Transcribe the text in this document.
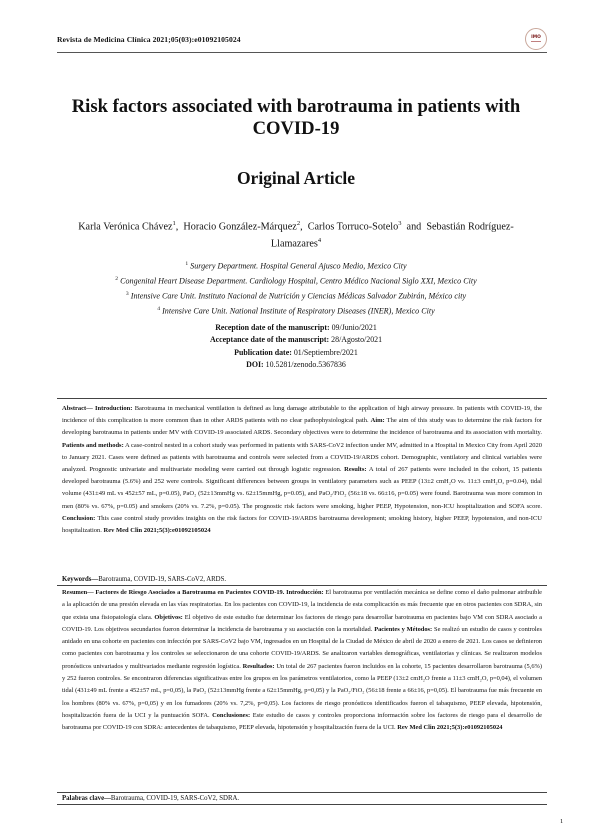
Revista de Medicina Clínica 2021;05(03):e01092105024	IMO
Risk factors associated with barotrauma in patients with COVID-19
Original Article
Karla Verónica Chávez$^1$,  Horacio González-Márquez$^2$,  Carlos Torruco-Sotelo$^3$ and Sebastián Rodríguez-Llamazares$^4$
$^1$ Surgery Department. Hospital General Ajusco Medio, Mexico City
$^2$ Congenital Heart Disease Department. Cardiology Hospital, Centro Médico Nacional Siglo XXI, Mexico City
$^3$ Intensive Care Unit. Instituto Nacional de Nutrición y Ciencias Médicas Salvador Zubirán, México city
$^4$ Intensive Care Unit. National Institute of Respiratory Diseases (INER), Mexico City
Reception date of the manuscript: 09/Junio/2021
Acceptance date of the manuscript: 28/Agosto/2021
Publication date: 01/Septiembre/2021
DOI: 10.5281/zenodo.5367836

Abstract— Introduction: Barotrauma in mechanical ventilation is defined as lung damage attributable to the application of high airway pressure. In patients with COVID-19, the incidence of this complication is more common than in other ARDS patients with no clear pathophysiological path. Aim: The aim of this study was to determine the risk factors for developing barotrauma in patients under MV with COVID-19 associated ARDS. Secondary objectives were to determine the incidence of barotrauma and its association with mortality. Patients and methods: A case-control nested in a cohort study was performed in patients with SARS-CoV2 infection under MV, admitted in a Hospital in Mexico City from April 2020 to January 2021. Cases were defined as patients with barotrauma and controls were selected from a COVID-19/ARDS cohort. Demographic, ventilatory and clinical variables were analyzed. Prognostic univariate and multivariate modeling were carried out through logistic regression. Results: A total of 267 patients were included in the cohort, 15 patients developed barotrauma (5.6%) and 252 were controls. Significant differences between groups in ventilatory parameters such as PEEP (13±2 cmH₂O vs. 11±3 cmH₂O, p=0.04), tidal volume (431±49 mL vs 452±57 mL, p=0.05), PaO₂ (52±13mmHg vs. 62±15mmHg, p=0.05), and PaO₂/FiO₂ (56±18 vs. 66±16, p=0.05) were found. Barotrauma was more common in men (80% vs. 67%, p=0.05) and smokers (20% vs. 7.2%, p=0.05). The prognostic risk factors were smoking, higher PEEP, Hypotension, non-ICU hospitalization and SOFA score. Conclusion: This case control study provides insights on the risk factors for COVID-19/ARDS barotrauma development; smoking history, higher PEEP, hypotension, and non-ICU hospitalization. Rev Med Clin 2021;5(3):e01092105024

Keywords—Barotrauma, COVID-19, SARS-CoV2, ARDS.

Resumen— Factores de Riesgo Asociados a Barotrauma en Pacientes COVID-19. Introducción: El barotrauma por ventilación mecánica se define como el daño pulmonar atribuible a la aplicación de una presión elevada en las vías respiratorias. En los pacientes con COVID-19, la incidencia de esta complicación es más frecuente que en otros pacientes con SDRA, sin que exista una fisiopatología clara. Objetivos: El objetivo de este estudio fue determinar los factores de riesgo para desarrollar barotrauma en pacientes bajo VM con SDRA asociado a COVID-19. Los objetivos secundarios fueron determinar la incidencia de barotrauma y su asociación con la mortalidad. Pacientes y Métodos: Se realizó un estudio de casos y controles anidado en una cohorte en pacientes con infección por SARS-CoV2 bajo VM, ingresados en un Hospital de la Ciudad de México de abril de 2020 a enero de 2021. Los casos se definieron como pacientes con barotrauma y los controles se seleccionaron de una cohorte COVID-19/ARDS. Se analizaron variables demográficas, ventilatorias y clínicas. Se realizaron modelos pronósticos univariados y multivariados mediante regresión logística. Resultados: Un total de 267 pacientes fueron incluidos en la cohorte, 15 pacientes desarrollaron barotrauma (5,6%) y 252 fueron controles. Se encontraron diferencias significativas entre los grupos en los parámetros ventilatorios, como la PEEP (13±2 cmH₂O frente a 11±3 cmH₂O, p=0,04), el volumen tidal (431±49 mL frente a 452±57 mL, p=0,05), la PaO₂ (52±13mmHg frente a 62±15mmHg, p=0,05) y la PaO₂/FiO₂ (56±18 frente a 66±16, p=0,05). El barotrauma fue más frecuente en los hombres (80% vs. 67%, p=0,05) y en los fumadores (20% vs. 7,2%, p=0,05). Los factores de riesgo pronósticos identificados fueron el tabaquismo, PEEP elevada, hipotensión, hospitalización fuera de la UCI y la puntuación SOFA. Conclusiones: Este estudio de casos y controles proporciona información sobre los factores de riesgo para el desarrollo de barotrauma por COVID-19 con SDRA: antecedentes de tabaquismo, PEEP elevada, hipotensión y hospitalización fuera de la UCI. Rev Med Clin 2021;5(3):e01092105024

Palabras clave—Barotrauma, COVID-19, SARS-CoV2, SDRA.
1
